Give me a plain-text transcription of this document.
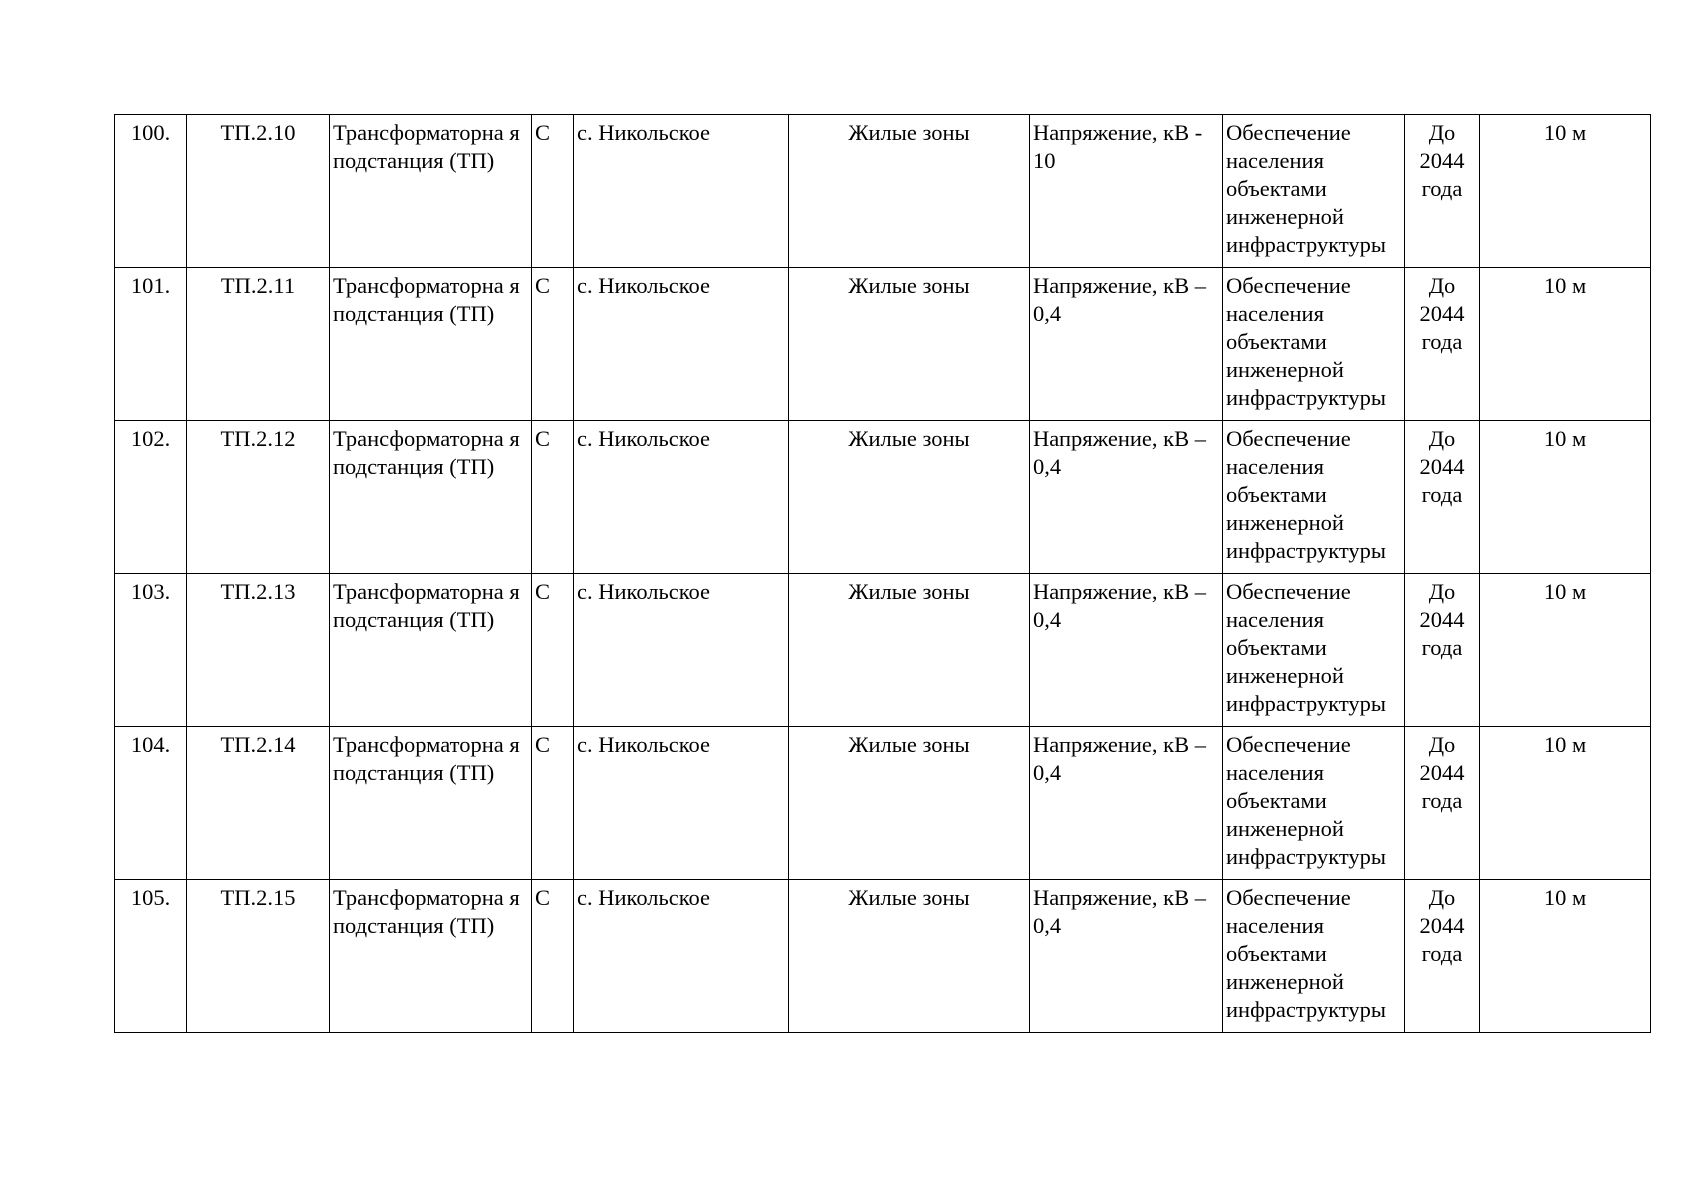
100.	ТП.2.10	Трансформаторна я подстанция (ТП)	С	с. Никольское	Жилые зоны	Напряжение, кВ - 10	Обеспечение населения объектами инженерной инфраструктуры	До 2044 года	10 м
101.	ТП.2.11	Трансформаторна я подстанция (ТП)	С	с. Никольское	Жилые зоны	Напряжение, кВ – 0,4	Обеспечение населения объектами инженерной инфраструктуры	До 2044 года	10 м
102.	ТП.2.12	Трансформаторна я подстанция (ТП)	С	с. Никольское	Жилые зоны	Напряжение, кВ – 0,4	Обеспечение населения объектами инженерной инфраструктуры	До 2044 года	10 м
103.	ТП.2.13	Трансформаторна я подстанция (ТП)	С	с. Никольское	Жилые зоны	Напряжение, кВ – 0,4	Обеспечение населения объектами инженерной инфраструктуры	До 2044 года	10 м
104.	ТП.2.14	Трансформаторна я подстанция (ТП)	С	с. Никольское	Жилые зоны	Напряжение, кВ – 0,4	Обеспечение населения объектами инженерной инфраструктуры	До 2044 года	10 м
105.	ТП.2.15	Трансформаторна я подстанция (ТП)	С	с. Никольское	Жилые зоны	Напряжение, кВ – 0,4	Обеспечение населения объектами инженерной инфраструктуры	До 2044 года	10 м
